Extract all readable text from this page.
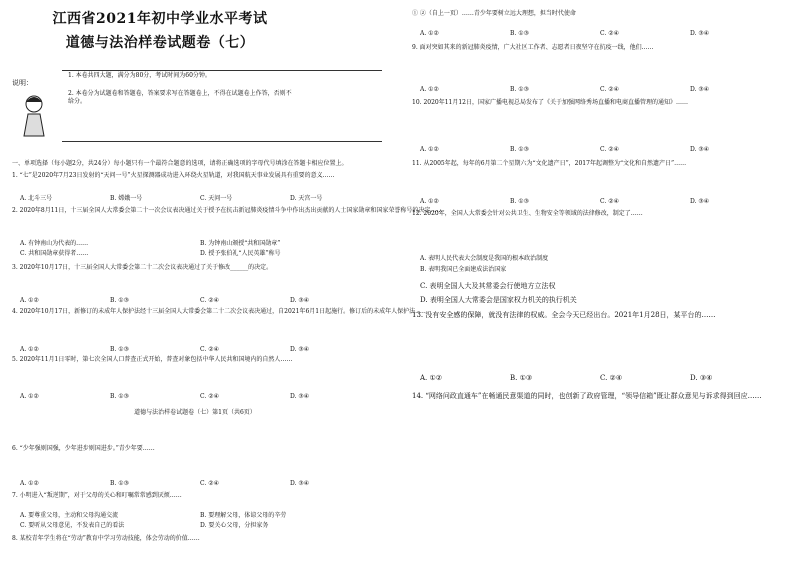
江西省2021年初中学业水平考试
道德与法治样卷试题卷（七）
说明：
1. 本卷共四大题，满分为80分，考试时间为60分钟。
2. 本卷分为试题卷和答题卷，答案要求写在答题卷上，不得在试题卷上作答，否则不
给分。
一、单项选择（每小题2分，共24分）每小题只有一个最符合题意的选项，请将正确选项的字母代号填涂在答题卡相应位置上。
1. “七”是2020年7月23日发射的“天问一号”火星探测器成功进入环绕火星轨道，对我国航天事业发展具有重要的意义……
A. 北斗三号	B. 嫦娥一号	C. 天问一号	D. 天宫一号
2. 2020年8月11日，十三届全国人大常委会第二十一次会议表决通过关于授予在抗击新冠肺炎疫情斗争中作出杰出贡献的人士国家勋章和国家荣誉称号的决定……
A. 有钟南山为代表的……	B. 为钟南山颁授“共和国勋章”
C. 共和国勋章获得者……	D. 授予张伯礼“人民英雄”称号
3. 2020年10月17日，十三届全国人大常委会第二十二次会议表决通过了关于修改______的决定。
A. ①②	B. ①③	C. ②④	D. ③④
4. 2020年10月17日，新修订的未成年人保护法经十三届全国人大常委会第二十二次会议表决通过，自2021年6月1日起施行。修订后的未成年人保护法……
A. ①②	B. ①③	C. ②④	D. ③④
5. 2020年11月1日零时，第七次全国人口普查正式开始，普查对象包括中华人民共和国境内的自然人……
A. ①②	B. ①③	C. ②④	D. ③④
道德与法治样卷试题卷（七）第1页（共6页）
6. “少年强则国强，少年进步则国进步。”青少年要……
A. ①②	B. ①③	C. ②④	D. ③④
7. 小明进入“叛逆期”，对于父母的关心和叮嘱常常感到厌烦……
A. 要尊重父母，主动和父母沟通交流	B. 要理解父母，体谅父母的辛劳
C. 要听从父母意见，不发表自己的看法	D. 要关心父母，分担家务
8. 某校青年学生将在“劳动”教育中学习劳动技能，体会劳动的价值……
① ②（自上一页）……青少年要树立远大理想，担当时代使命
A. ①②	B. ①③	C. ②④	D. ③④
9. 面对突如其来的新冠肺炎疫情，广大社区工作者、志愿者日夜坚守在抗疫一线，他们……
A. ①②	B. ①③	C. ②④	D. ③④
10. 2020年11月12日，国家广播电视总局发布了《关于加强网络秀场直播和电商直播管理的通知》……
A. ①②	B. ①③	C. ②④	D. ③④
11. 从2005年起，每年的6月第二个星期六为“文化遗产日”，2017年起调整为“文化和自然遗产日”……
A. ①②	B. ①③	C. ②④	D. ③④
12. 2020年，全国人大常委会针对公共卫生、生物安全等领域的法律修改，制定了……
A. 表明人民代表大会制度是我国的根本政治制度
B. 表明我国已全面建成法治国家
C. 表明全国人大及其常委会行使地方立法权
D. 表明全国人大常委会是国家权力机关的执行机关
13. 没有安全感的保障，就没有法律的权威。全会今天已经出台。2021年1月28日，某平台的……
A. ①②	B. ①③	C. ②④	D. ③④
14. “网络问政直通车”在畅通民意渠道的同时，也创新了政府管理，“领导信箱”既让群众意见与诉求得到回应……
